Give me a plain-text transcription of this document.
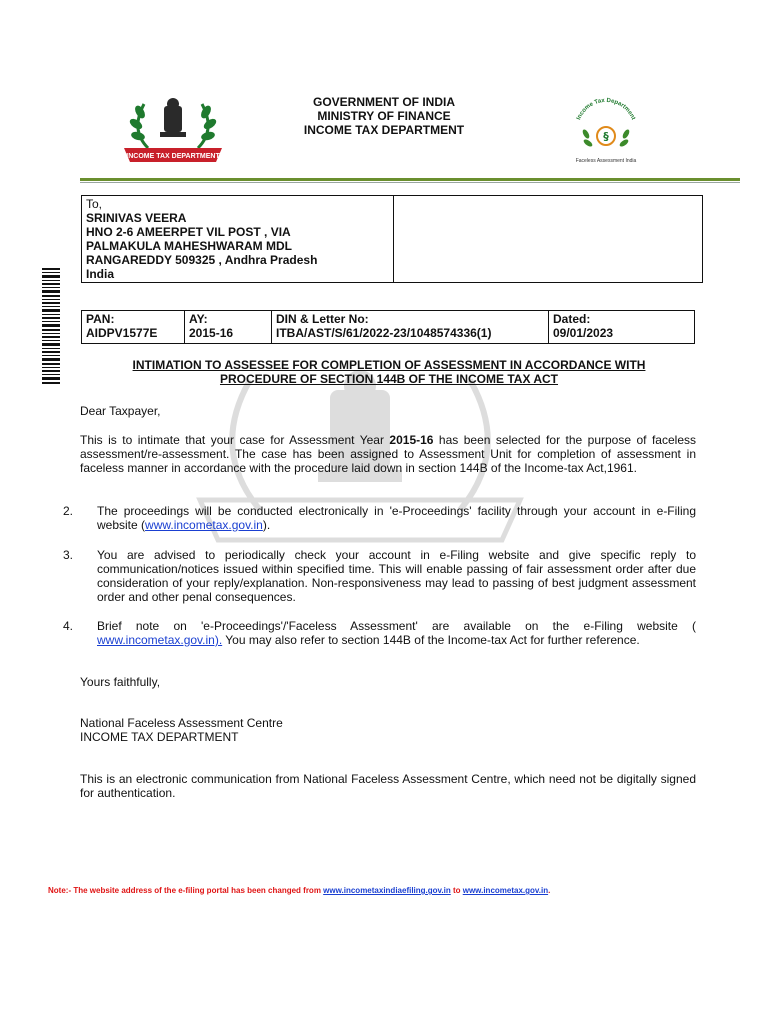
INCOME TAX DEPARTMENT
GOVERNMENT OF INDIA
MINISTRY OF FINANCE
INCOME TAX DEPARTMENT
Income Tax Department
§
Faceless Assessment India
To,
SRINIVAS VEERA
HNO 2-6 AMEERPET VIL POST , VIA
PALMAKULA MAHESHWARAM MDL
RANGAREDDY 509325 , Andhra Pradesh
India

PAN:
AIDPV1577E

AY:
2015-16

DIN & Letter No:
ITBA/AST/S/61/2022-23/1048574336(1)

Dated:
09/01/2023
INTIMATION TO ASSESSEE FOR COMPLETION OF ASSESSMENT IN ACCORDANCE WITH
PROCEDURE OF SECTION 144B OF THE INCOME TAX ACT
Dear Taxpayer,
This is to intimate that your case for Assessment Year 2015-16 has been selected for the purpose of faceless assessment/re-assessment. The case has been assigned to Assessment Unit for completion of assessment in faceless manner in accordance with the procedure laid down in section 144B of the Income-tax Act,1961.
2. The proceedings will be conducted electronically in 'e-Proceedings' facility through your account in e-Filing website (www.incometax.gov.in).
3. You are advised to periodically check your account in e-Filing website and give specific reply to communication/notices issued within specified time. This will enable passing of fair assessment order after due consideration of your reply/explanation. Non-responsiveness may lead to passing of best judgment assessment order and other penal consequences.
4. Brief note on 'e-Proceedings'/'Faceless Assessment' are available on the e-Filing website ( www.incometax.gov.in). You may also refer to section 144B of the Income-tax Act for further reference.
Yours faithfully,
National Faceless Assessment Centre
INCOME TAX DEPARTMENT
This is an electronic communication from National Faceless Assessment Centre, which need not be digitally signed for authentication.
Note:- The website address of the e-filing portal has been changed from www.incometaxindiaefiling.gov.in to www.incometax.gov.in.
